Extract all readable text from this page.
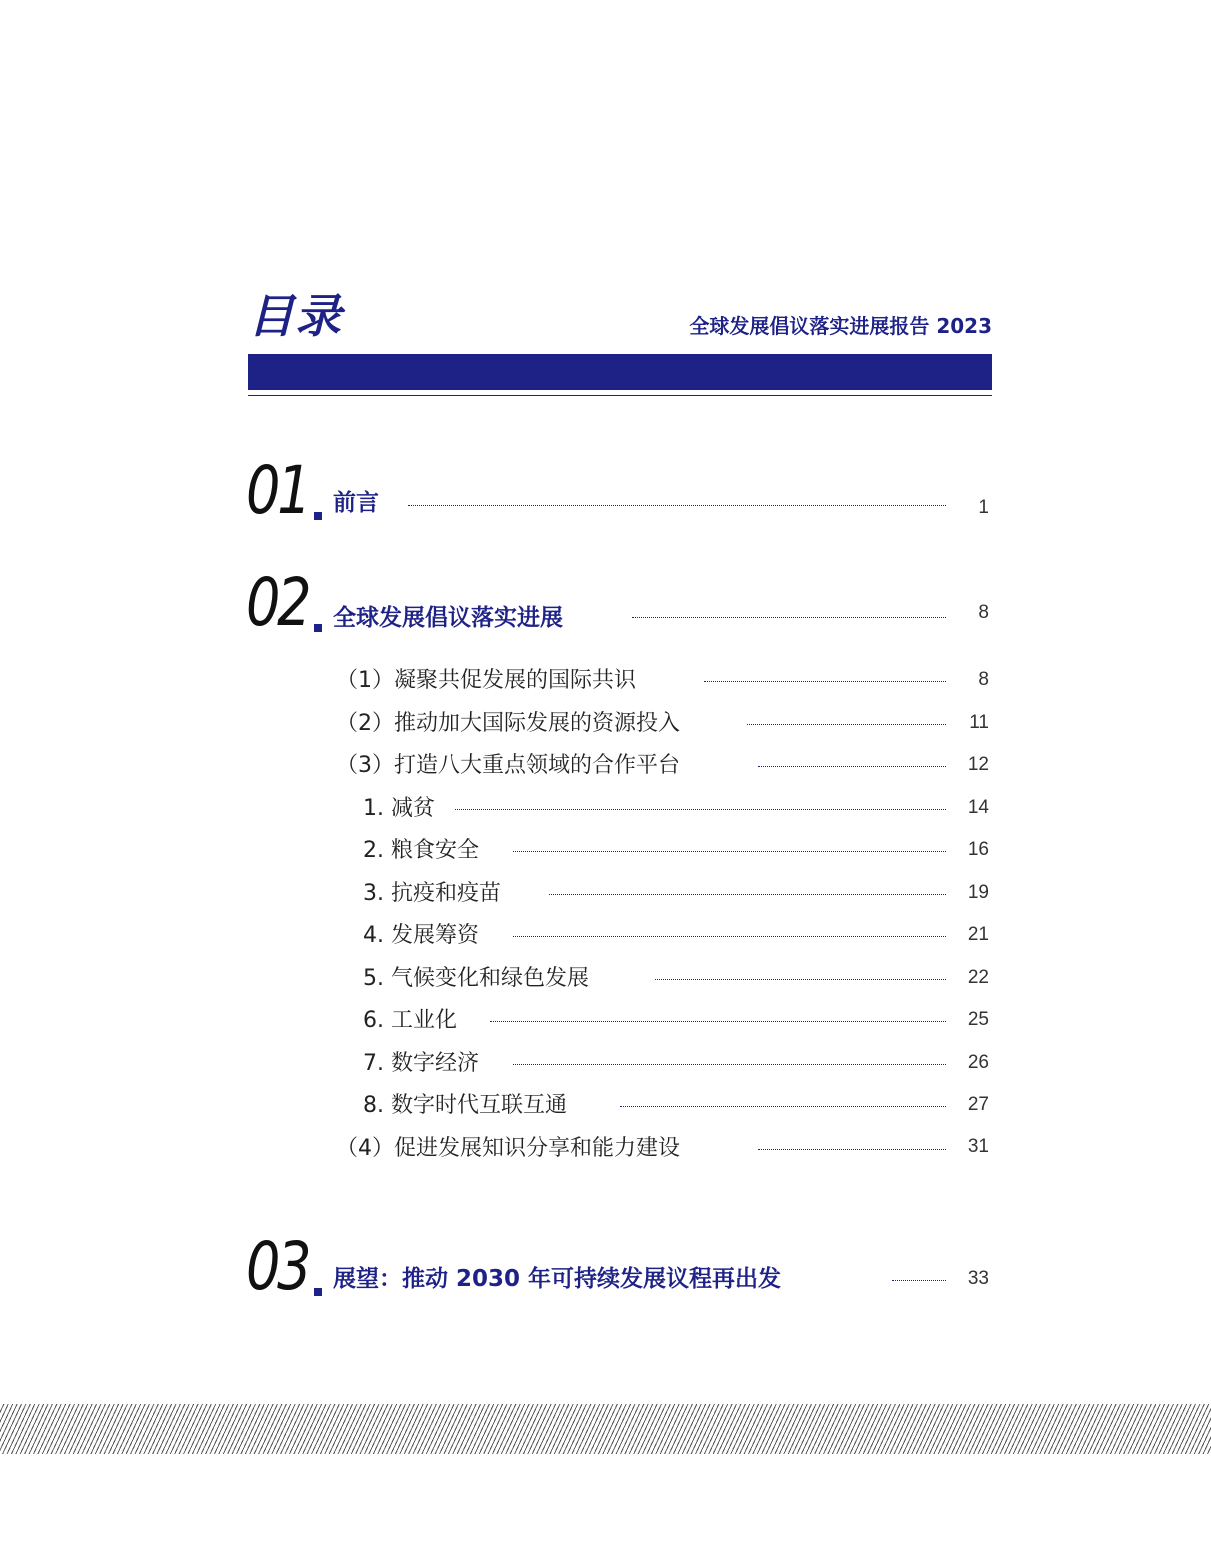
目录	全球发展倡议落实进展报告 2023
01 前言	1
02 全球发展倡议落实进展	8
（1）凝聚共促发展的国际共识	8
（2）推动加大国际发展的资源投入	11
（3）打造八大重点领域的合作平台	12
1. 减贫	14
2. 粮食安全	16
3. 抗疫和疫苗	19
4. 发展筹资	21
5. 气候变化和绿色发展	22
6. 工业化	25
7. 数字经济	26
8. 数字时代互联互通	27
（4）促进发展知识分享和能力建设	31
03 展望：推动 2030 年可持续发展议程再出发	33
